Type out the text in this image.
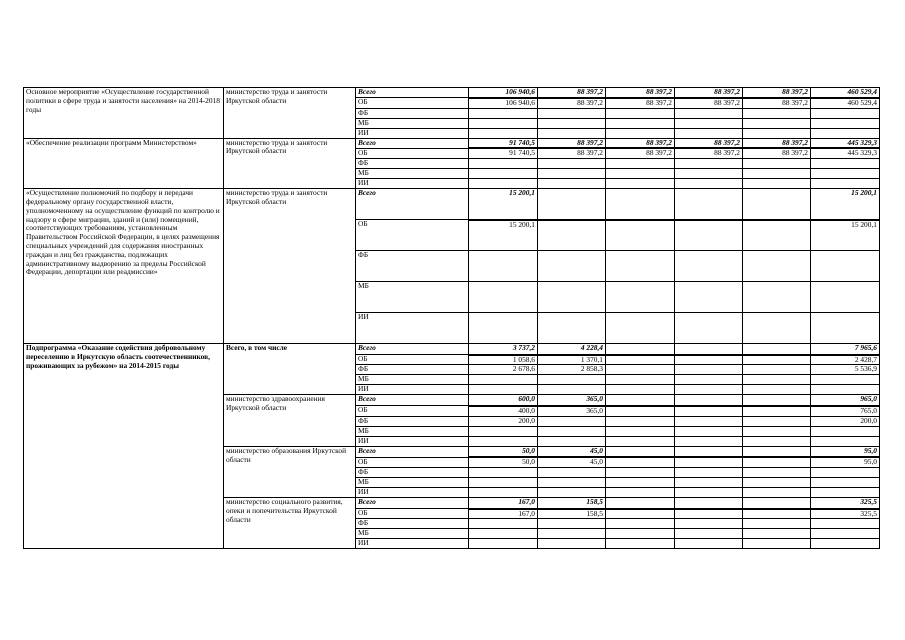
Основное мероприятие «Осуществление государственной политики в сфере труда и занятости населения» на 2014-2018 годы	министерство труда и занятости Иркутской области	Всего	106 940,6	88 397,2	88 397,2	88 397,2	88 397,2	460 529,4
		ОБ	106 940,6	88 397,2	88 397,2	88 397,2	88 397,2	460 529,4
		ФБ						
		МБ						
		ИИ						
«Обеспечение реализации программ Министерством»	министерство труда и занятости Иркутской области	Всего	91 740,5	88 397,2	88 397,2	88 397,2	88 397,2	445 329,3
		ОБ	91 740,5	88 397,2	88 397,2	88 397,2	88 397,2	445 329,3
		ФБ						
		МБ						
		ИИ						
«Осуществление полномочий по подбору и передачи федеральному органу государственной власти, уполномоченному на осуществление функций по контролю и надзору в сфере миграции, зданий и (или) помещений, соответствующих требованиям, установленным Правительством Российской Федерации, в целях размещения специальных учреждений для содержания иностранных граждан и лиц без гражданства, подлежащих административному выдворению за пределы Российской Федерации, депортации или реадмиссии»	министерство труда и занятости Иркутской области	Всего	15 200,1					15 200,1
		ОБ	15 200,1					15 200,1
		ФБ						
		МБ						
		ИИ						
Подпрограмма «Оказание содействия добровольному переселению в Иркутскую область соотечественников, проживающих за рубежом» на 2014-2015 годы	Всего, в том числе	Всего	3 737,2	4 228,4				7 965,6
		ОБ	1 058,6	1 370,1				2 428,7
		ФБ	2 678,6	2 858,3				5 536,9
		МБ						
		ИИ						
	министерство здравоохранения Иркутской области	Всего	600,0	365,0				965,0
		ОБ	400,0	365,0				765,0
		ФБ	200,0					200,0
		МБ						
		ИИ						
	министерство образования Иркутской области	Всего	50,0	45,0				95,0
		ОБ	50,0	45,0				95,0
		ФБ						
		МБ						
		ИИ						
	министерство социального развития, опеки и попечительства Иркутской области	Всего	167,0	158,5				325,5
		ОБ	167,0	158,5				325,5
		ФБ						
		МБ						
		ИИ						
